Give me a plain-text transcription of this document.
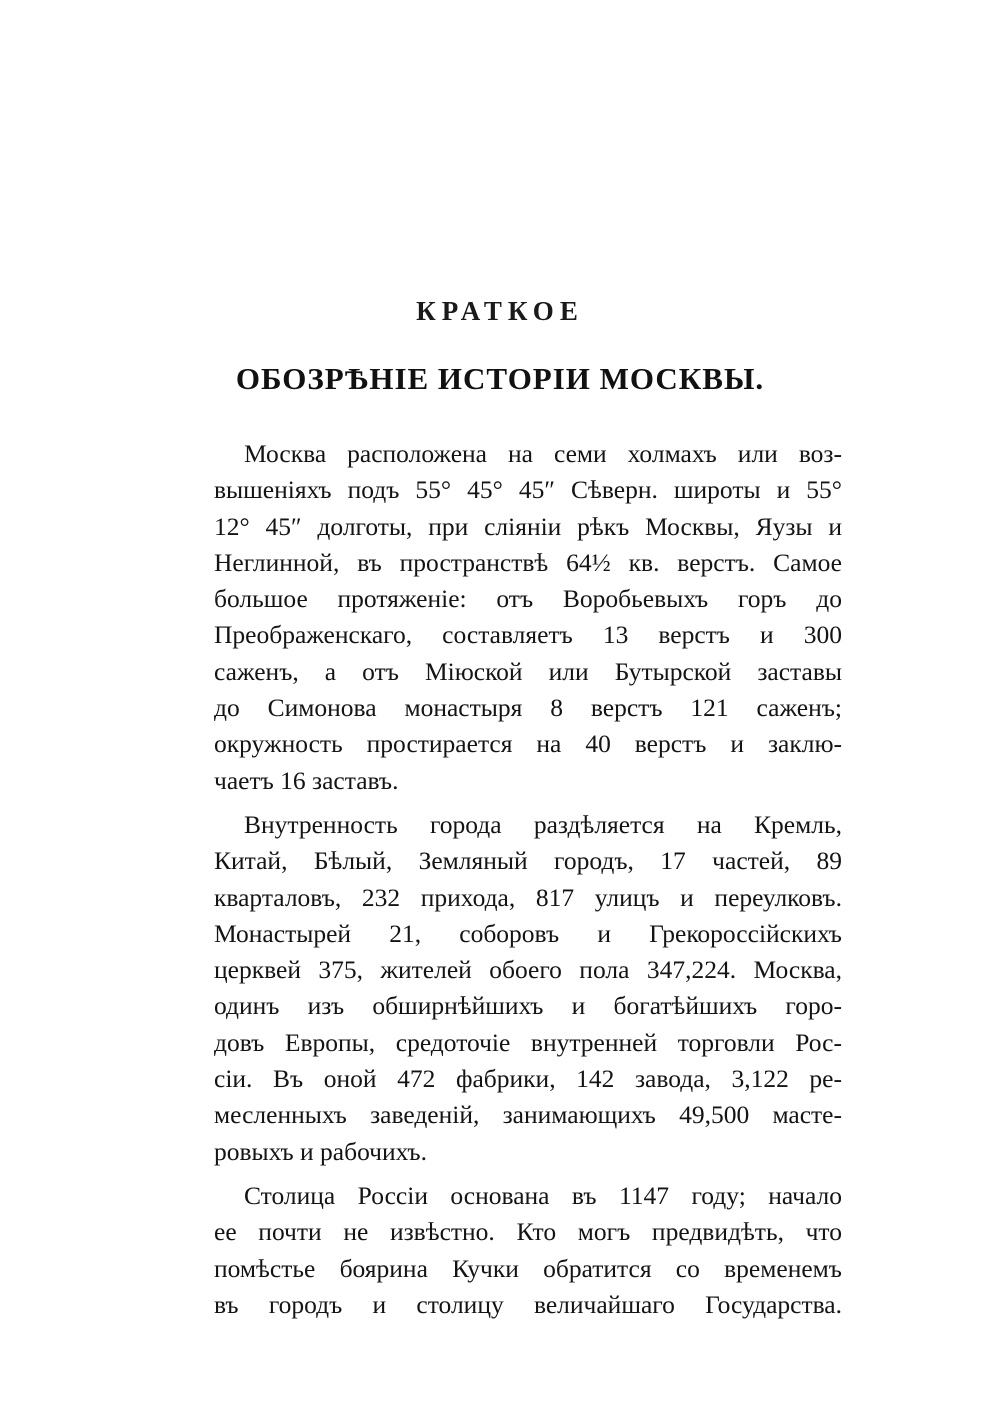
КРАТКОЕ
ОБОЗРѢНІЕ ИСТОРІИ МОСКВЫ.
Москва расположена на семи холмахъ или воз-
вышеніяхъ подъ 55° 45° 45″ Сѣверн. широты и 55°
12° 45″ долготы, при сліяніи рѣкъ Москвы, Яузы и
Неглинной, въ пространствѣ 64½ кв. верстъ. Самое
большое протяженіе: отъ Воробьевыхъ горъ до
Преображенскаго, составляетъ 13 верстъ и 300
саженъ, а отъ Міюской или Бутырской заставы
до Симонова монастыря 8 верстъ 121 саженъ;
окружность простирается на 40 верстъ и заклю-
чаетъ 16 заставъ.
Внутренность города раздѣляется на Кремль,
Китай, Бѣлый, Земляный городъ, 17 частей, 89
кварталовъ, 232 прихода, 817 улицъ и переулковъ.
Монастырей 21, соборовъ и Грекороссійскихъ
церквей 375, жителей обоего пола 347,224. Москва,
одинъ изъ обширнѣйшихъ и богатѣйшихъ горо-
довъ Европы, средоточіе внутренней торговли Рос-
сіи. Въ оной 472 фабрики, 142 завода, 3,122 ре-
месленныхъ заведеній, занимающихъ 49,500 масте-
ровыхъ и рабочихъ.
Столица Россіи основана въ 1147 году; начало
ее почти не извѣстно. Кто могъ предвидѣть, что
помѣстье боярина Кучки обратится со временемъ
въ городъ и столицу величайшаго Государства.
